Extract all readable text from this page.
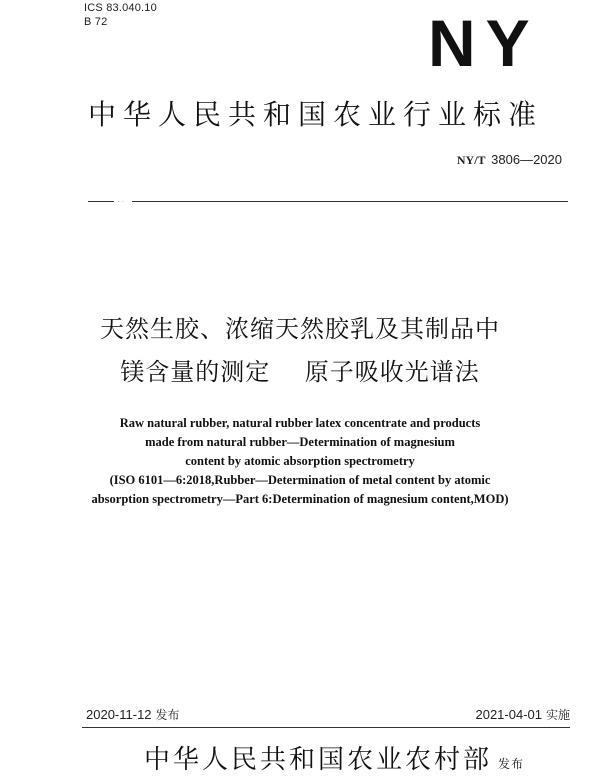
ICS 83.040.10
B 72	NY
中华人民共和国农业行业标准
NY/T 3806—2020
··
天然生胶、浓缩天然胶乳及其制品中
镁含量的测定    原子吸收光谱法
Raw natural rubber, natural rubber latex concentrate and products
made from natural rubber—Determination of magnesium
content by atomic absorption spectrometry
(ISO 6101—6:2018,Rubber—Determination of metal content by atomic
absorption spectrometry—Part 6:Determination of magnesium content,MOD)
2020-11-12 发布	2021-04-01 实施
中华人民共和国农业农村部 发布
